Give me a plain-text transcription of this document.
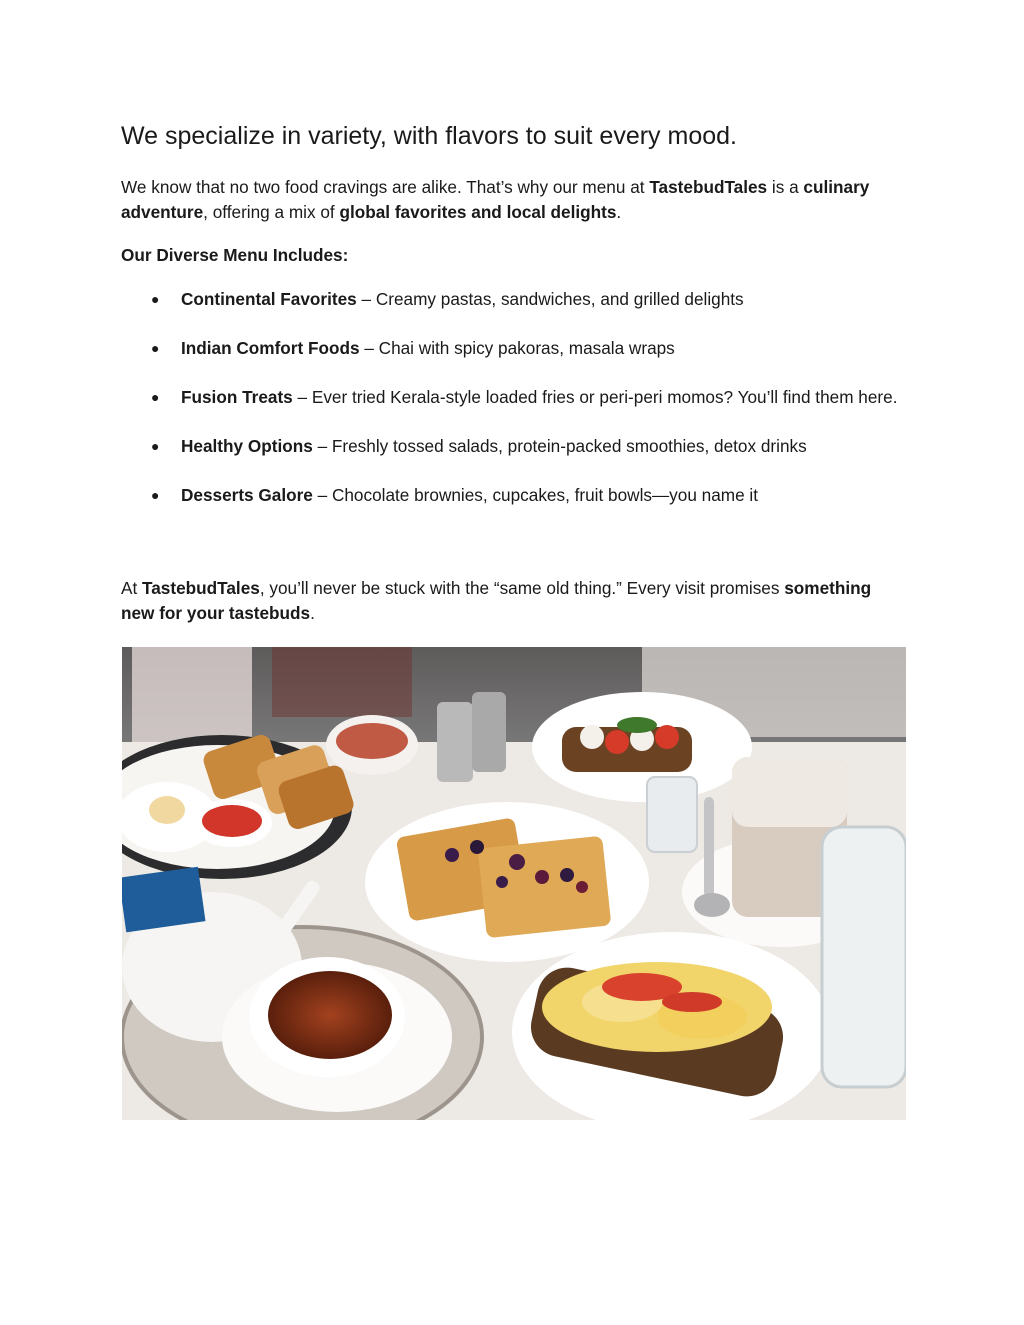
We specialize in variety, with flavors to suit every mood.

We know that no two food cravings are alike. That’s why our menu at TastebudTales is a culinary adventure, offering a mix of global favorites and local delights.

Our Diverse Menu Includes:

● Continental Favorites – Creamy pastas, sandwiches, and grilled delights
● Indian Comfort Foods – Chai with spicy pakoras, masala wraps
● Fusion Treats – Ever tried Kerala-style loaded fries or peri-peri momos? You’ll find them here.
● Healthy Options – Freshly tossed salads, protein-packed smoothies, detox drinks
● Desserts Galore – Chocolate brownies, cupcakes, fruit bowls—you name it

At TastebudTales, you’ll never be stuck with the “same old thing.” Every visit promises something new for your tastebuds.
